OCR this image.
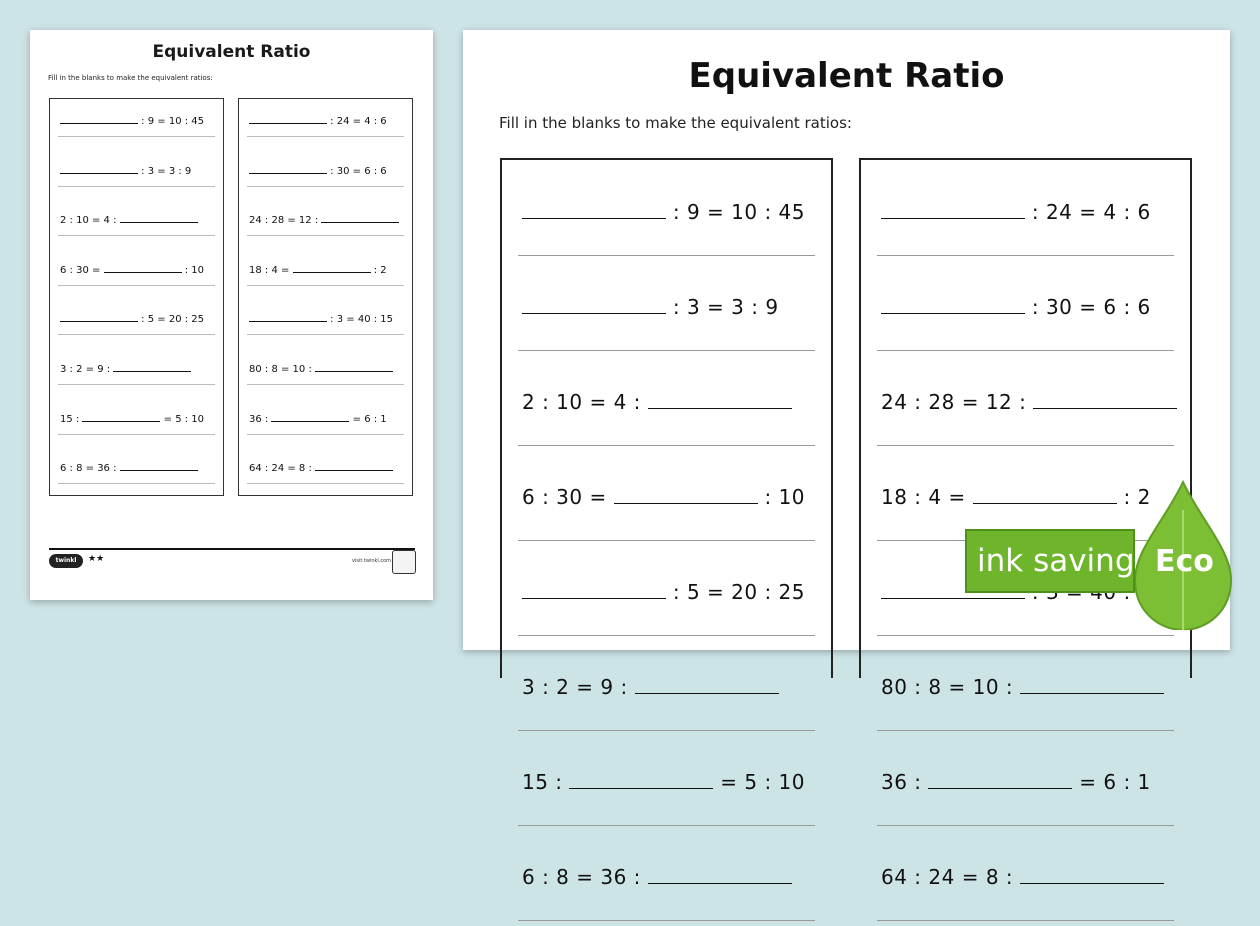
Equivalent Ratio
Fill in the blanks to make the equivalent ratios:
: 9 = 10 : 45
: 3 = 3 : 9
2 : 10 = 4 :
6 : 30 =	: 10
: 5 = 20 : 25
3 : 2 = 9 :
15 :	= 5 : 10
6 : 8 = 36 :
: 24 = 4 : 6
: 30 = 6 : 6
24 : 28 = 12 :
18 : 4 =	: 2
: 3 = 40 : 15
80 : 8 = 10 :
36 :	= 6 : 1
64 : 24 = 8 :
twinkl	★★	visit twinkl.com
Equivalent Ratio
Fill in the blanks to make the equivalent ratios:
: 9 = 10 : 45
: 3 = 3 : 9
2 : 10 = 4 :
6 : 30 =	: 10
: 5 = 20 : 25
3 : 2 = 9 :
15 :	= 5 : 10
6 : 8 = 36 :
: 24 = 4 : 6
: 30 = 6 : 6
24 : 28 = 12 :
18 : 4 =	: 2
80 : 8 = 10 :
36 :	= 6 : 1
64 : 24 = 8 :
ink saving Eco
